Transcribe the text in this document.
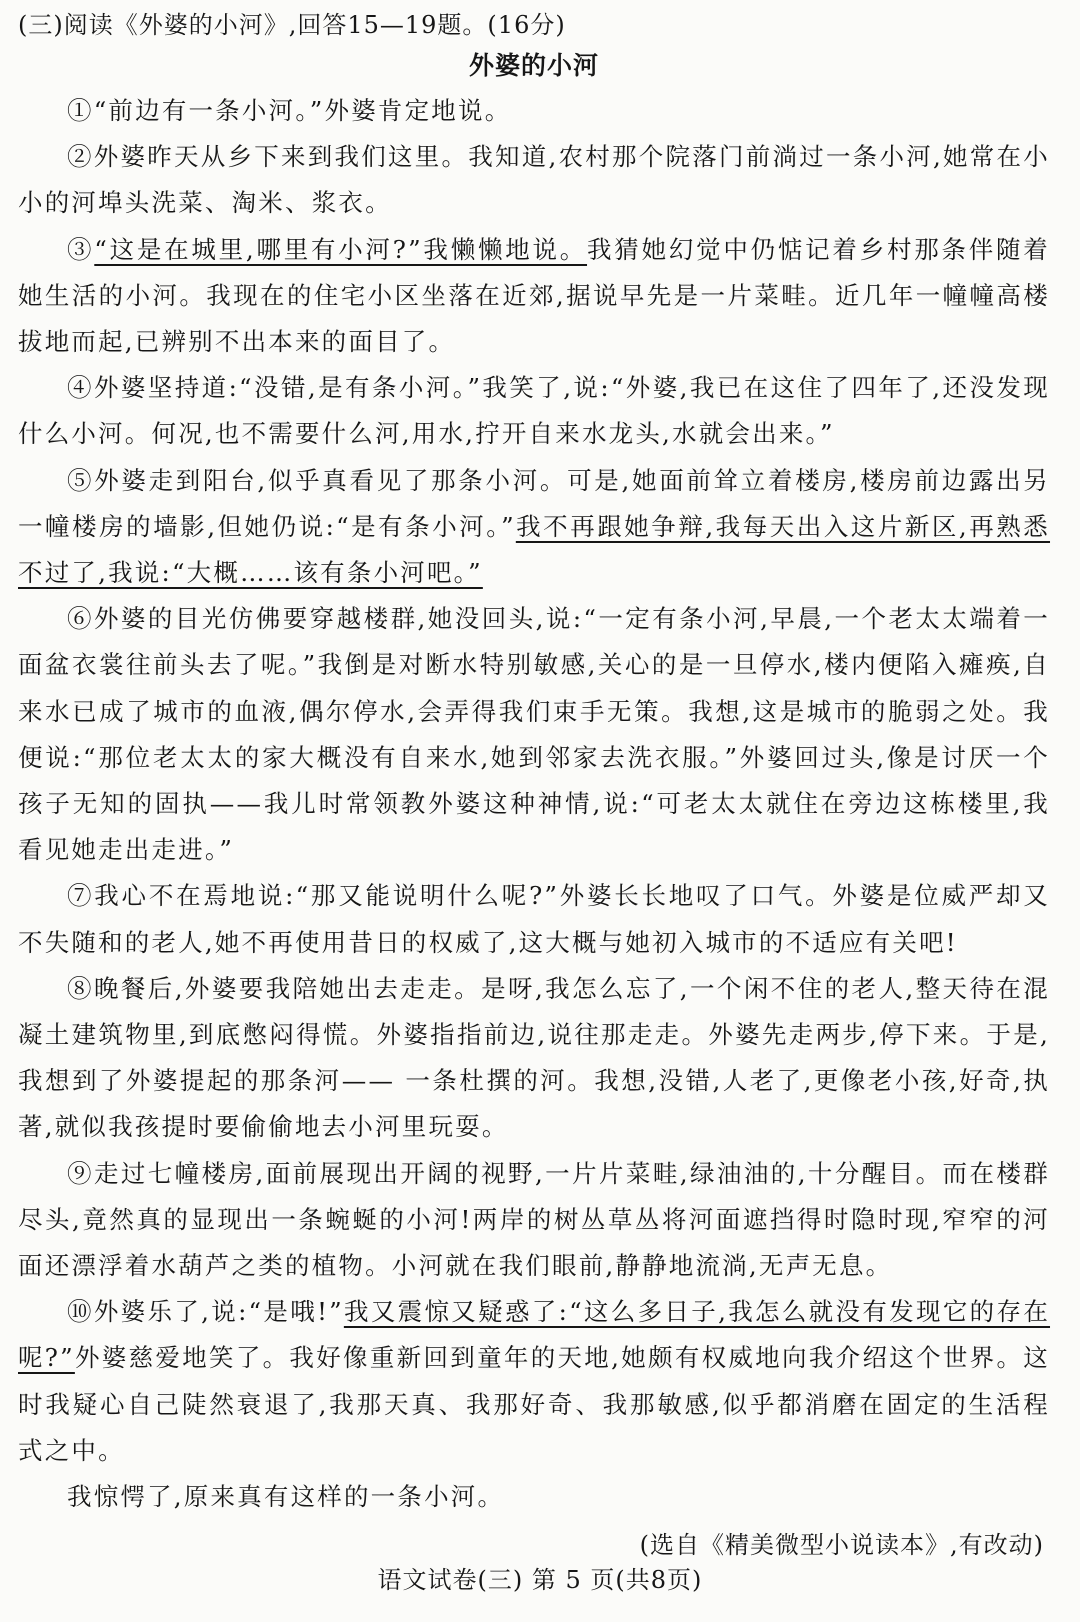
(三)阅读《外婆的小河》,回答15—19题。(16分)
外婆的小河

①“前边有一条小河。”外婆肯定地说。

②外婆昨天从乡下来到我们这里。我知道,农村那个院落门前淌过一条小河,她常在小小的河埠头洗菜、淘米、浆衣。

③“这是在城里,哪里有小河?”我懒懒地说。我猜她幻觉中仍惦记着乡村那条伴随着她生活的小河。我现在的住宅小区坐落在近郊,据说早先是一片菜畦。近几年一幢幢高楼拔地而起,已辨别不出本来的面目了。

④外婆坚持道:“没错,是有条小河。”我笑了,说:“外婆,我已在这住了四年了,还没发现什么小河。何况,也不需要什么河,用水,拧开自来水龙头,水就会出来。”

⑤外婆走到阳台,似乎真看见了那条小河。可是,她面前耸立着楼房,楼房前边露出另一幢楼房的墙影,但她仍说:“是有条小河。”我不再跟她争辩,我每天出入这片新区,再熟悉不过了,我说:“大概……该有条小河吧。”

⑥外婆的目光仿佛要穿越楼群,她没回头,说:“一定有条小河,早晨,一个老太太端着一面盆衣裳往前头去了呢。”我倒是对断水特别敏感,关心的是一旦停水,楼内便陷入瘫痪,自来水已成了城市的血液,偶尔停水,会弄得我们束手无策。我想,这是城市的脆弱之处。我便说:“那位老太太的家大概没有自来水,她到邻家去洗衣服。”外婆回过头,像是讨厌一个孩子无知的固执——我儿时常领教外婆这种神情,说:“可老太太就住在旁边这栋楼里,我看见她走出走进。”

⑦我心不在焉地说:“那又能说明什么呢?”外婆长长地叹了口气。外婆是位威严却又不失随和的老人,她不再使用昔日的权威了,这大概与她初入城市的不适应有关吧!

⑧晚餐后,外婆要我陪她出去走走。是呀,我怎么忘了,一个闲不住的老人,整天待在混凝土建筑物里,到底憋闷得慌。外婆指指前边,说往那走走。外婆先走两步,停下来。于是,我想到了外婆提起的那条河—— 一条杜撰的河。我想,没错,人老了,更像老小孩,好奇,执著,就似我孩提时要偷偷地去小河里玩耍。

⑨走过七幢楼房,面前展现出开阔的视野,一片片菜畦,绿油油的,十分醒目。而在楼群尽头,竟然真的显现出一条蜿蜒的小河!两岸的树丛草丛将河面遮挡得时隐时现,窄窄的河面还漂浮着水葫芦之类的植物。小河就在我们眼前,静静地流淌,无声无息。

⑩外婆乐了,说:“是哦!”我又震惊又疑惑了:“这么多日子,我怎么就没有发现它的存在呢?”外婆慈爱地笑了。我好像重新回到童年的天地,她颇有权威地向我介绍这个世界。这时我疑心自己陡然衰退了,我那天真、我那好奇、我那敏感,似乎都消磨在固定的生活程式之中。

我惊愕了,原来真有这样的一条小河。

(选自《精美微型小说读本》,有改动)
语文试卷(三) 第 5 页(共8页)
